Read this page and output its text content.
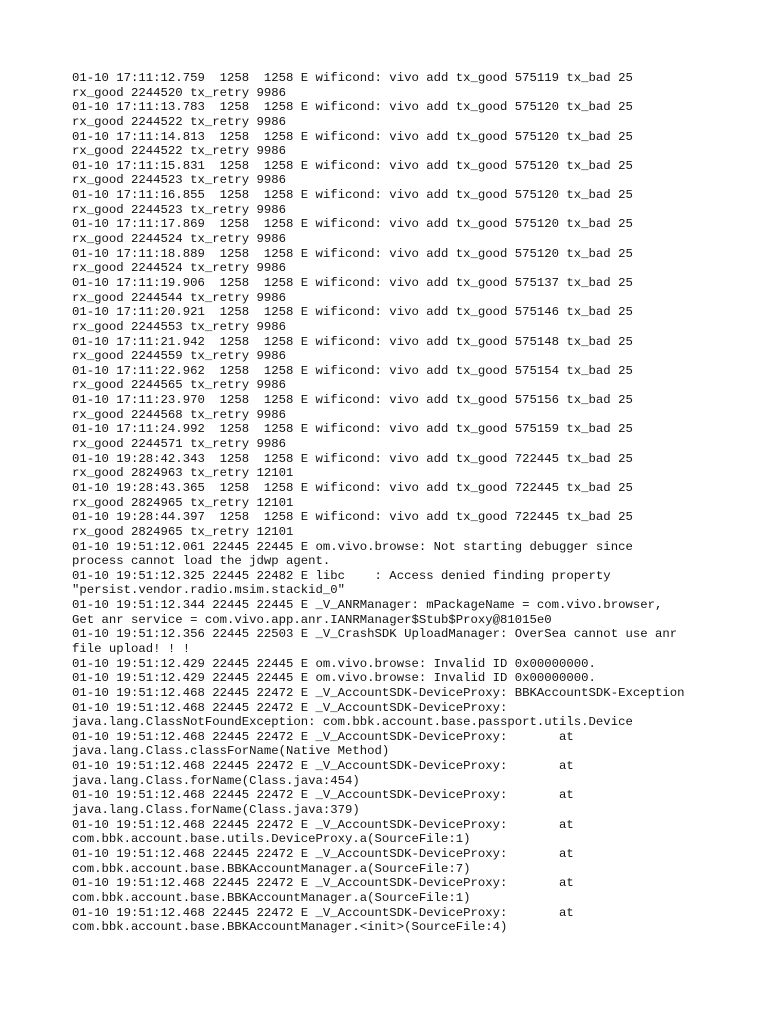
01-10 17:11:12.759  1258  1258 E wificond: vivo add tx_good 575119 tx_bad 25
rx_good 2244520 tx_retry 9986
01-10 17:11:13.783  1258  1258 E wificond: vivo add tx_good 575120 tx_bad 25
rx_good 2244522 tx_retry 9986
01-10 17:11:14.813  1258  1258 E wificond: vivo add tx_good 575120 tx_bad 25
rx_good 2244522 tx_retry 9986
01-10 17:11:15.831  1258  1258 E wificond: vivo add tx_good 575120 tx_bad 25
rx_good 2244523 tx_retry 9986
01-10 17:11:16.855  1258  1258 E wificond: vivo add tx_good 575120 tx_bad 25
rx_good 2244523 tx_retry 9986
01-10 17:11:17.869  1258  1258 E wificond: vivo add tx_good 575120 tx_bad 25
rx_good 2244524 tx_retry 9986
01-10 17:11:18.889  1258  1258 E wificond: vivo add tx_good 575120 tx_bad 25
rx_good 2244524 tx_retry 9986
01-10 17:11:19.906  1258  1258 E wificond: vivo add tx_good 575137 tx_bad 25
rx_good 2244544 tx_retry 9986
01-10 17:11:20.921  1258  1258 E wificond: vivo add tx_good 575146 tx_bad 25
rx_good 2244553 tx_retry 9986
01-10 17:11:21.942  1258  1258 E wificond: vivo add tx_good 575148 tx_bad 25
rx_good 2244559 tx_retry 9986
01-10 17:11:22.962  1258  1258 E wificond: vivo add tx_good 575154 tx_bad 25
rx_good 2244565 tx_retry 9986
01-10 17:11:23.970  1258  1258 E wificond: vivo add tx_good 575156 tx_bad 25
rx_good 2244568 tx_retry 9986
01-10 17:11:24.992  1258  1258 E wificond: vivo add tx_good 575159 tx_bad 25
rx_good 2244571 tx_retry 9986
01-10 19:28:42.343  1258  1258 E wificond: vivo add tx_good 722445 tx_bad 25
rx_good 2824963 tx_retry 12101
01-10 19:28:43.365  1258  1258 E wificond: vivo add tx_good 722445 tx_bad 25
rx_good 2824965 tx_retry 12101
01-10 19:28:44.397  1258  1258 E wificond: vivo add tx_good 722445 tx_bad 25
rx_good 2824965 tx_retry 12101
01-10 19:51:12.061 22445 22445 E om.vivo.browse: Not starting debugger since
process cannot load the jdwp agent.
01-10 19:51:12.325 22445 22482 E libc    : Access denied finding property
"persist.vendor.radio.msim.stackid_0"
01-10 19:51:12.344 22445 22445 E _V_ANRManager: mPackageName = com.vivo.browser,
Get anr service = com.vivo.app.anr.IANRManager$Stub$Proxy@81015e0
01-10 19:51:12.356 22445 22503 E _V_CrashSDK UploadManager: OverSea cannot use anr
file upload! ! !
01-10 19:51:12.429 22445 22445 E om.vivo.browse: Invalid ID 0x00000000.
01-10 19:51:12.429 22445 22445 E om.vivo.browse: Invalid ID 0x00000000.
01-10 19:51:12.468 22445 22472 E _V_AccountSDK-DeviceProxy: BBKAccountSDK-Exception
01-10 19:51:12.468 22445 22472 E _V_AccountSDK-DeviceProxy:
java.lang.ClassNotFoundException: com.bbk.account.base.passport.utils.Device
01-10 19:51:12.468 22445 22472 E _V_AccountSDK-DeviceProxy:       at
java.lang.Class.classForName(Native Method)
01-10 19:51:12.468 22445 22472 E _V_AccountSDK-DeviceProxy:       at
java.lang.Class.forName(Class.java:454)
01-10 19:51:12.468 22445 22472 E _V_AccountSDK-DeviceProxy:       at
java.lang.Class.forName(Class.java:379)
01-10 19:51:12.468 22445 22472 E _V_AccountSDK-DeviceProxy:       at
com.bbk.account.base.utils.DeviceProxy.a(SourceFile:1)
01-10 19:51:12.468 22445 22472 E _V_AccountSDK-DeviceProxy:       at
com.bbk.account.base.BBKAccountManager.a(SourceFile:7)
01-10 19:51:12.468 22445 22472 E _V_AccountSDK-DeviceProxy:       at
com.bbk.account.base.BBKAccountManager.a(SourceFile:1)
01-10 19:51:12.468 22445 22472 E _V_AccountSDK-DeviceProxy:       at
com.bbk.account.base.BBKAccountManager.<init>(SourceFile:4)
